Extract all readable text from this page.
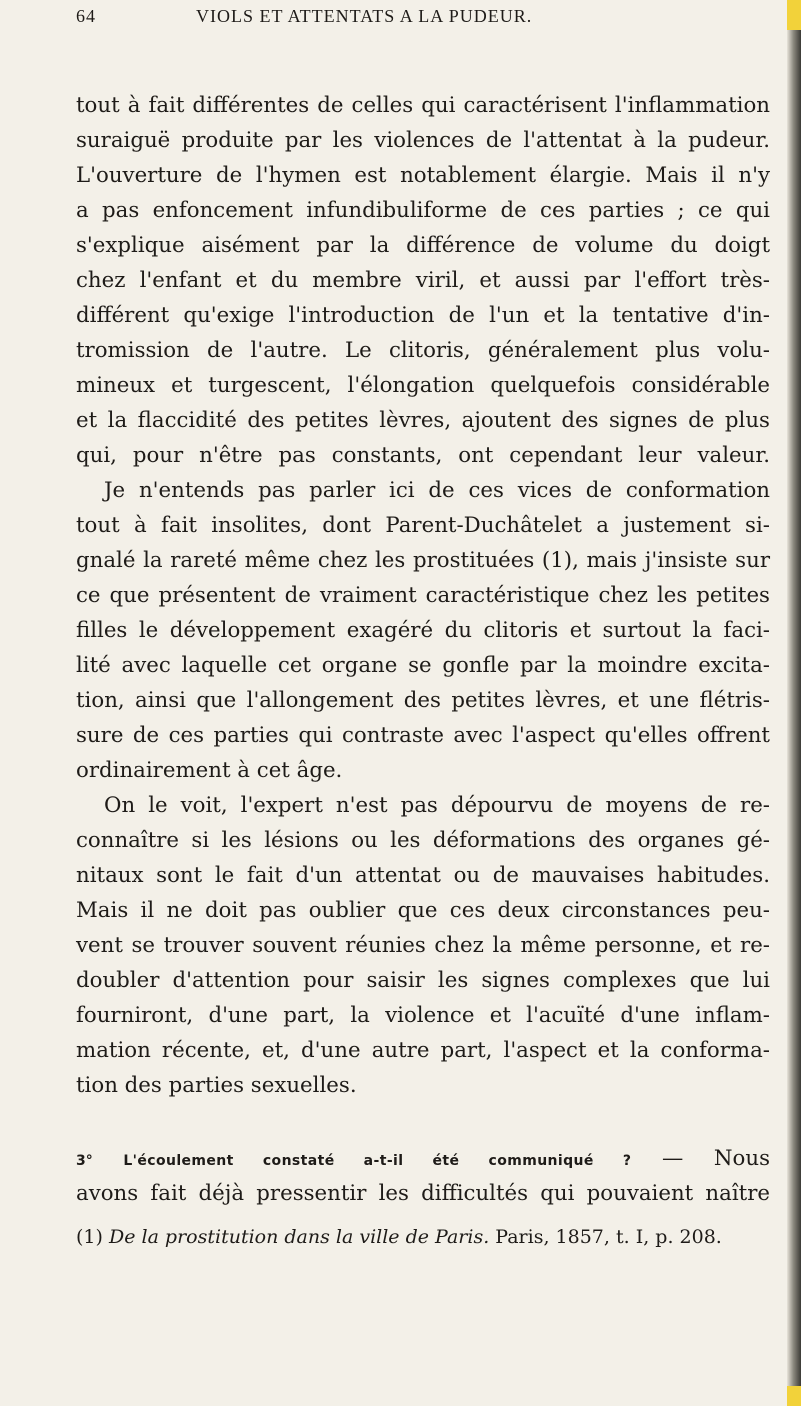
64	VIOLS ET ATTENTATS A LA PUDEUR.
tout à fait différentes de celles qui caractérisent l'inflammation
suraiguë produite par les violences de l'attentat à la pudeur.
L'ouverture de l'hymen est notablement élargie. Mais il n'y
a pas enfoncement infundibuliforme de ces parties ; ce qui
s'explique aisément par la différence de volume du doigt
chez l'enfant et du membre viril, et aussi par l'effort très-
différent qu'exige l'introduction de l'un et la tentative d'in-
tromission de l'autre. Le clitoris, généralement plus volu-
mineux et turgescent, l'élongation quelquefois considérable
et la flaccidité des petites lèvres, ajoutent des signes de plus
qui, pour n'être pas constants, ont cependant leur valeur.
Je n'entends pas parler ici de ces vices de conformation
tout à fait insolites, dont Parent-Duchâtelet a justement si-
gnalé la rareté même chez les prostituées (1), mais j'insiste sur
ce que présentent de vraiment caractéristique chez les petites
filles le développement exagéré du clitoris et surtout la faci-
lité avec laquelle cet organe se gonfle par la moindre excita-
tion, ainsi que l'allongement des petites lèvres, et une flétris-
sure de ces parties qui contraste avec l'aspect qu'elles offrent
ordinairement à cet âge.
On le voit, l'expert n'est pas dépourvu de moyens de re-
connaître si les lésions ou les déformations des organes gé-
nitaux sont le fait d'un attentat ou de mauvaises habitudes.
Mais il ne doit pas oublier que ces deux circonstances peu-
vent se trouver souvent réunies chez la même personne, et re-
doubler d'attention pour saisir les signes complexes que lui
fourniront, d'une part, la violence et l'acuïté d'une inflam-
mation récente, et, d'une autre part, l'aspect et la conforma-
tion des parties sexuelles.
3° L'écoulement constaté a-t-il été communiqué ? — Nous
avons fait déjà pressentir les difficultés qui pouvaient naître
(1) De la prostitution dans la ville de Paris. Paris, 1857, t. I, p. 208.
